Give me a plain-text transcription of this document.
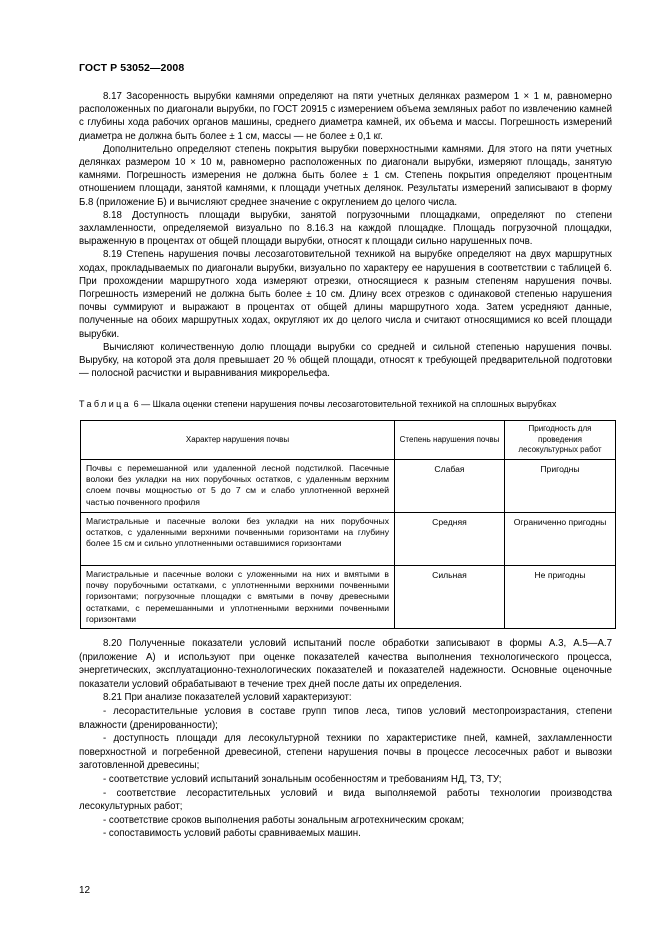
ГОСТ Р 53052—2008

8.17 Засоренность вырубки камнями определяют на пяти учетных делянках размером 1 × 1 м, равномерно расположенных по диагонали вырубки, по ГОСТ 20915 с измерением объема земляных работ по извлечению камней с глубины хода рабочих органов машины, среднего диаметра камней, их объема и массы. Погрешность измерений диаметра не должна быть более ± 1 см, массы — не более ± 0,1 кг.

Дополнительно определяют степень покрытия вырубки поверхностными камнями. Для этого на пяти учетных делянках размером 10 × 10 м, равномерно расположенных по диагонали вырубки, измеряют площадь, занятую камнями. Погрешность измерения не должна быть более ± 1 см. Степень покрытия определяют процентным отношением площади, занятой камнями, к площади учетных делянок. Результаты измерений записывают в форму Б.8 (приложение Б) и вычисляют среднее значение с округлением до целого числа.

8.18 Доступность площади вырубки, занятой погрузочными площадками, определяют по степени захламленности, определяемой визуально по 8.16.3 на каждой площадке. Площадь погрузочной площадки, выраженную в процентах от общей площади вырубки, относят к площади сильно нарушенных почв.

8.19 Степень нарушения почвы лесозаготовительной техникой на вырубке определяют на двух маршрутных ходах, прокладываемых по диагонали вырубки, визуально по характеру ее нарушения в соответствии с таблицей 6. При прохождении маршрутного хода измеряют отрезки, относящиеся к разным степеням нарушения почвы. Погрешность измерений не должна быть более ± 10 см. Длину всех отрезков с одинаковой степенью нарушения почвы суммируют и выражают в процентах от общей длины маршрутного хода. Затем усредняют данные, полученные на обоих маршрутных ходах, округляют их до целого числа и считают относящимися ко всей площади вырубки.

Вычисляют количественную долю площади вырубки со средней и сильной степенью нарушения почвы. Вырубку, на которой эта доля превышает 20 % общей площади, относят к требующей предварительной подготовки — полосной расчистки и выравнивания микрорельефа.

Таблица 6 — Шкала оценки степени нарушения почвы лесозаготовительной техникой на сплошных вырубках
Характер нарушения почвы	Степень нарушения почвы	Пригодность для проведения лесокультурных работ
Почвы с перемешанной или удаленной лесной подстилкой. Пасечные волоки без укладки на них порубочных остатков, с удаленным верхним слоем почвы мощностью от 5 до 7 см и слабо уплотненной верхней частью почвенного профиля	Слабая	Пригодны
Магистральные и пасечные волоки без укладки на них порубочных остатков, с удаленными верхними почвенными горизонтами на глубину более 15 см и сильно уплотненными оставшимися горизонтами	Средняя	Ограниченно пригодны
Магистральные и пасечные волоки с уложенными на них и вмятыми в почву порубочными остатками, с уплотненными верхними почвенными горизонтами; погрузочные площадки с вмятыми в почву древесными остатками, с перемешанными и уплотненными верхними почвенными горизонтами	Сильная	Не пригодны

8.20 Полученные показатели условий испытаний после обработки записывают в формы А.3, А.5—А.7 (приложение А) и используют при оценке показателей качества выполнения технологического процесса, энергетических, эксплуатационно-технологических показателей и показателей надежности. Основные оценочные показатели условий обрабатывают в течение трех дней после даты их определения.

8.21 При анализе показателей условий характеризуют:

- лесорастительные условия в составе групп типов леса, типов условий местопроизрастания, степени влажности (дренированности);

- доступность площади для лесокультурной техники по характеристике пней, камней, захламленности поверхностной и погребенной древесиной, степени нарушения почвы в процессе лесосечных работ и вывозки заготовленной древесины;

- соответствие условий испытаний зональным особенностям и требованиям НД, ТЗ, ТУ;

- соответствие лесорастительных условий и вида выполняемой работы технологии производства лесокультурных работ;

- соответствие сроков выполнения работы зональным агротехническим срокам;

- сопоставимость условий работы сравниваемых машин.

12
